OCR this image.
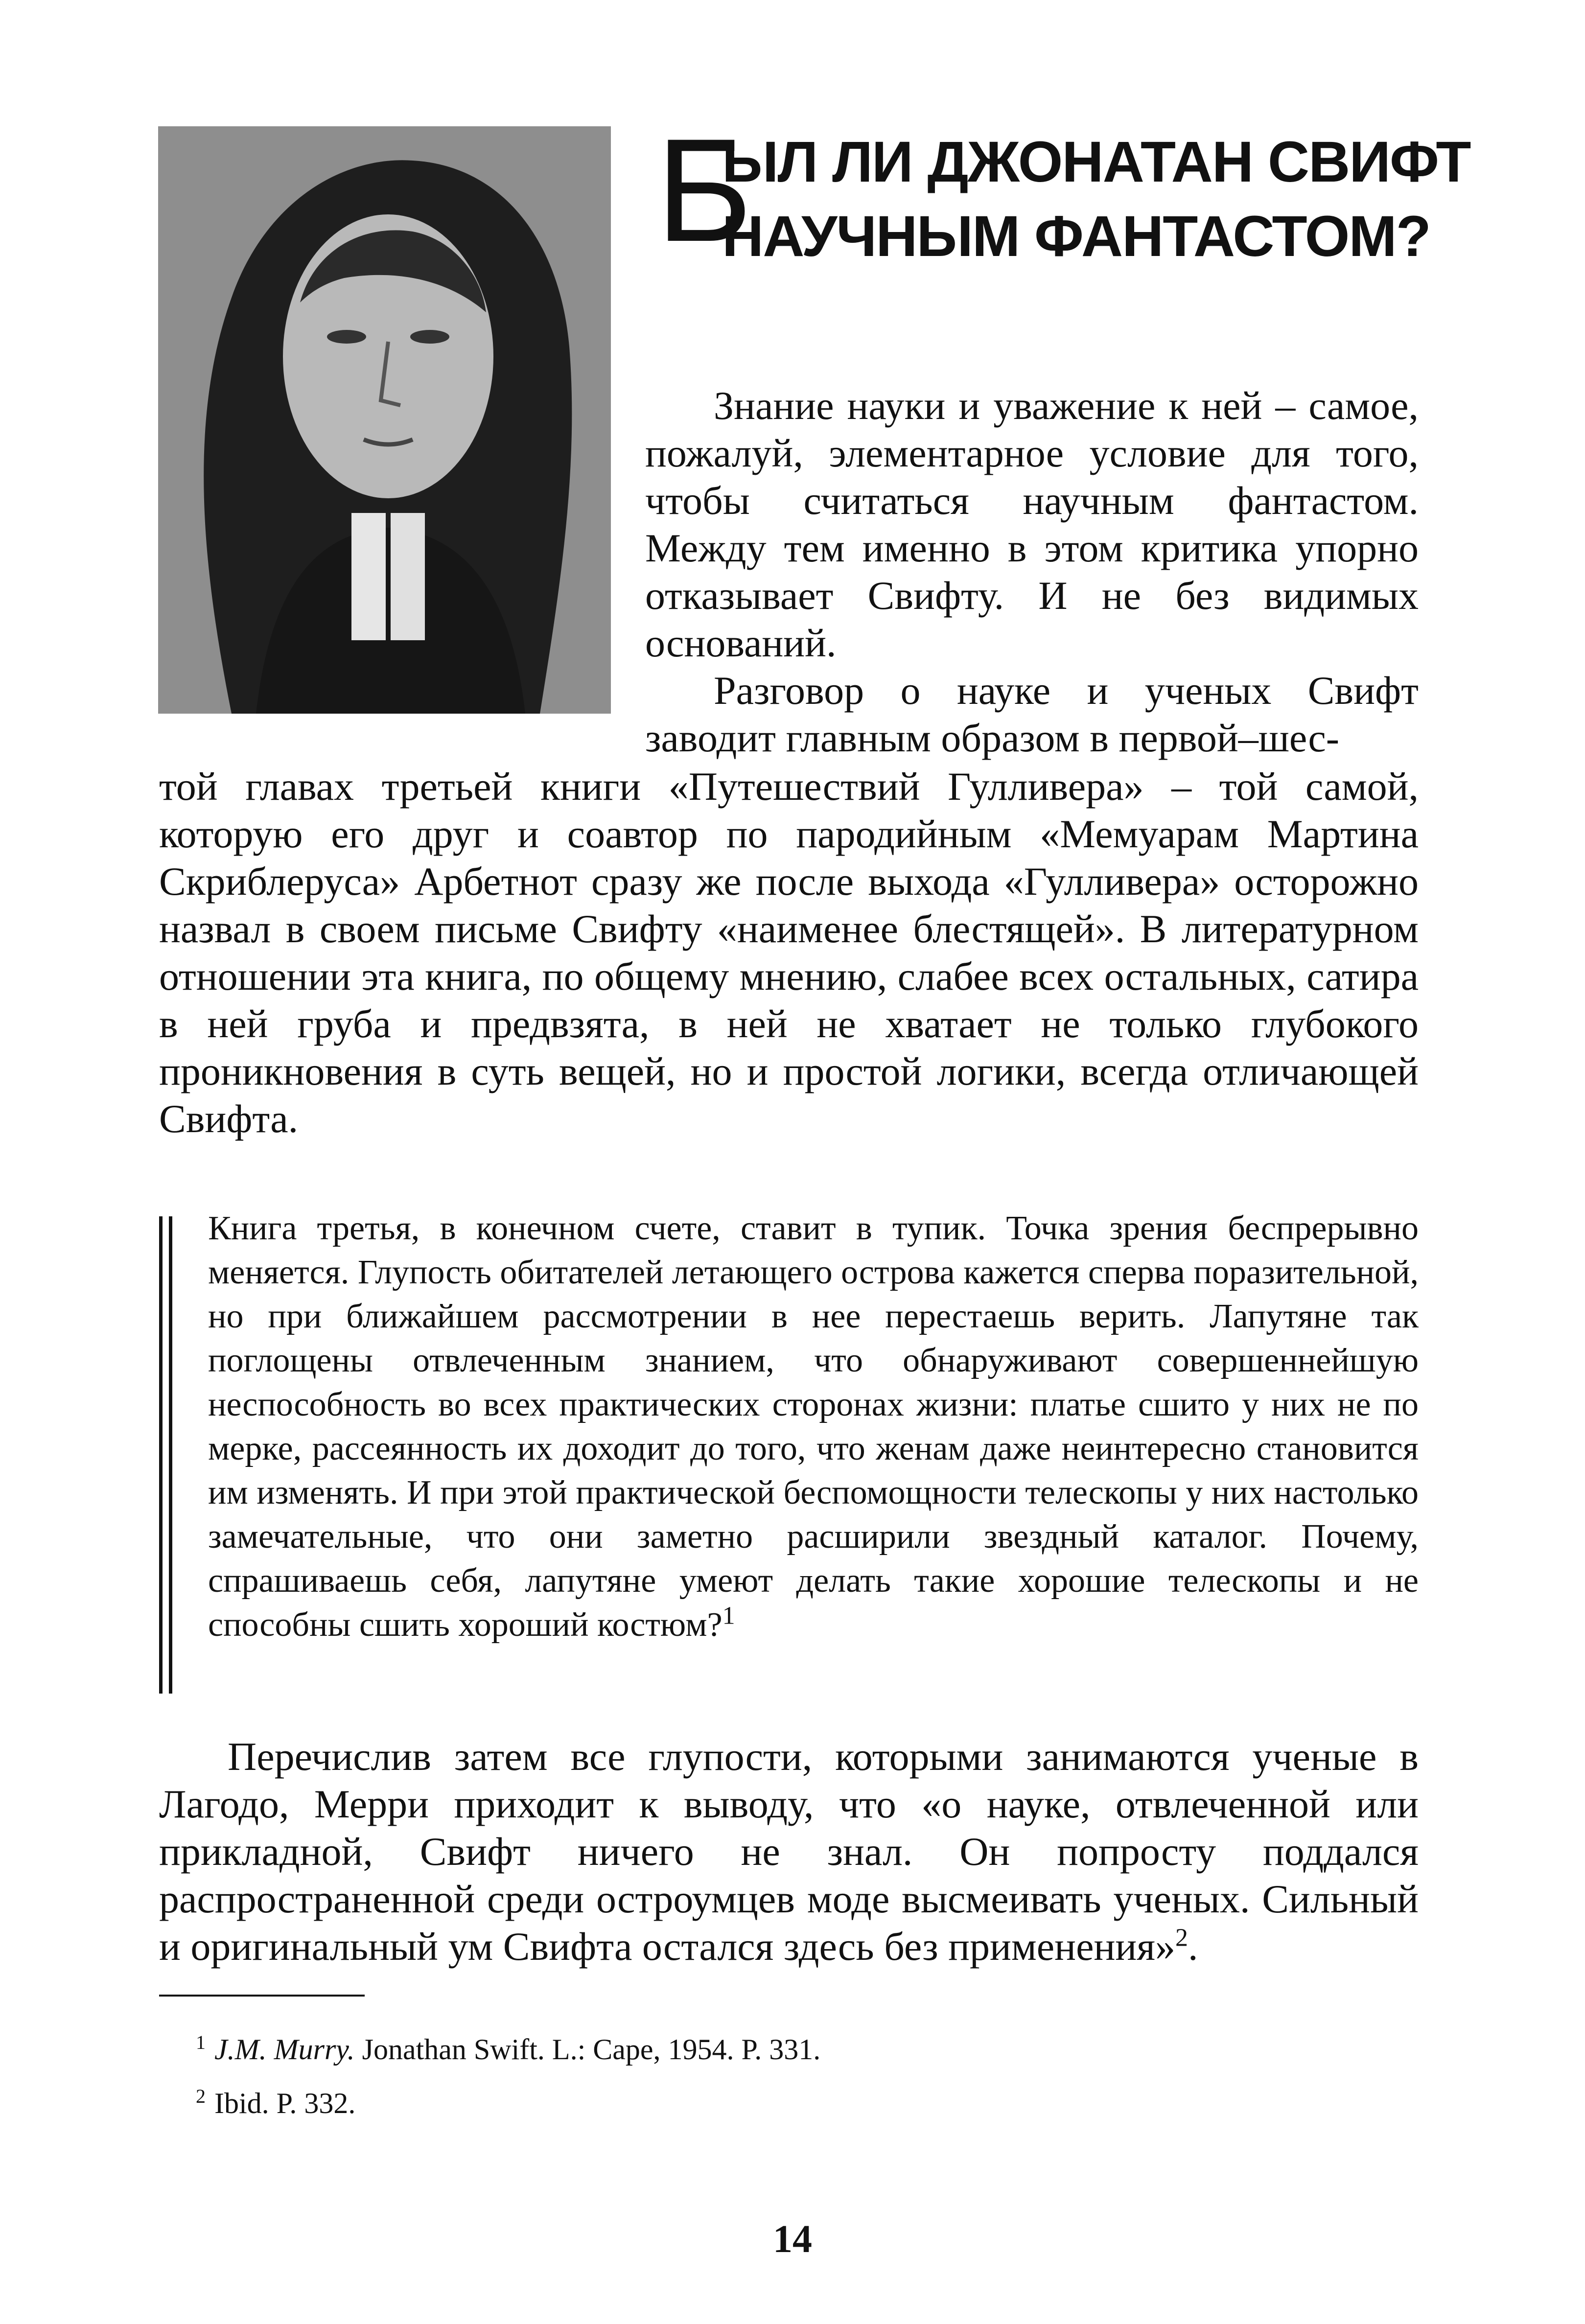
Б
ЫЛ ЛИ ДЖОНАТАН СВИФТ
НАУЧНЫМ ФАНТАСТОМ?

Знание науки и уважение к ней – самое, пожалуй, элементарное условие для того, чтобы считаться научным фантастом. Между тем именно в этом критика упорно отказывает Свифту. И не без видимых оснований.

Разговор о науке и ученых Свифт заводит главным образом в первой–шес-

той главах третьей книги «Путешествий Гулливера» – той самой, которую его друг и соавтор по пародийным «Мемуарам Мартина Скриблеруса» Арбетнот сразу же после выхода «Гулливера» осторожно назвал в своем письме Свифту «наименее блестящей». В литературном отношении эта книга, по общему мнению, слабее всех остальных, сатира в ней груба и предвзята, в ней не хватает не только глубокого проникновения в суть вещей, но и простой логики, всегда отличающей Свифта.

Книга третья, в конечном счете, ставит в тупик. Точка зрения беспрерывно меняется. Глупость обитателей летающего острова кажется сперва поразительной, но при ближайшем рассмотрении в нее перестаешь верить. Лапутяне так поглощены отвлеченным знанием, что обнаруживают совершеннейшую неспособность во всех практических сторонах жизни: платье сшито у них не по мерке, рассеянность их доходит до того, что женам даже неинтересно становится им изменять. И при этой практической беспомощности телескопы у них настолько замечательные, что они заметно расширили звездный каталог. Почему, спрашиваешь себя, лапутяне умеют делать такие хорошие телескопы и не способны сшить хороший костюм?$^1$

Перечислив затем все глупости, которыми занимаются ученые в Лагодо, Мерри приходит к выводу, что «о науке, отвлеченной или прикладной, Свифт ничего не знал. Он попросту поддался распространенной среди остроумцев моде высмеивать ученых. Сильный и оригинальный ум Свифта остался здесь без применения»$^2$.

$^1$ J.M. Murry. Jonathan Swift. L.: Cape, 1954. P. 331.
$^2$ Ibid. P. 332.
14
